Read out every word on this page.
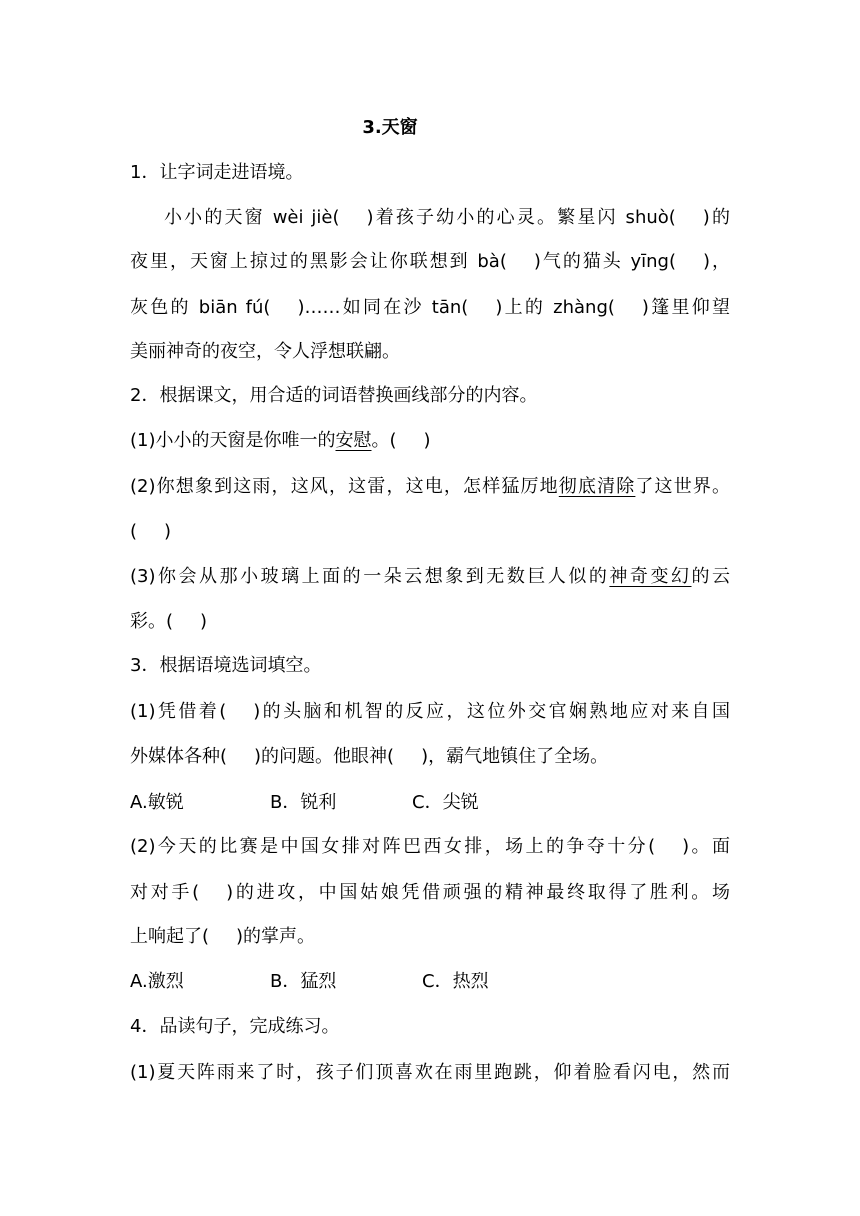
3.天窗

1．让字词走进语境。

小小的天窗 wèi jiè(   )着孩子幼小的心灵。繁星闪 shuò(   )的

夜里，天窗上掠过的黑影会让你联想到 bà(   )气的猫头 yīng(   )，

灰色的 biān fú(   )……如同在沙 tān(   )上的 zhàng(   )篷里仰望

美丽神奇的夜空，令人浮想联翩。

2．根据课文，用合适的词语替换画线部分的内容。

(1)小小的天窗是你唯一的安慰。(   )

(2)你想象到这雨，这风，这雷，这电，怎样猛厉地彻底清除了这世界。

(   )

(3)你会从那小玻璃上面的一朵云想象到无数巨人似的神奇变幻的云

彩。(   )

3．根据语境选词填空。

(1)凭借着(   )的头脑和机智的反应，这位外交官娴熟地应对来自国

外媒体各种(   )的问题。他眼神(   )，霸气地镇住了全场。

A.敏锐	B．锐利	C．尖锐

(2)今天的比赛是中国女排对阵巴西女排，场上的争夺十分(   )。面

对对手(   )的进攻，中国姑娘凭借顽强的精神最终取得了胜利。场

上响起了(   )的掌声。

A.激烈	B．猛烈	C．热烈

4．品读句子，完成练习。

(1)夏天阵雨来了时，孩子们顶喜欢在雨里跑跳，仰着脸看闪电，然而
